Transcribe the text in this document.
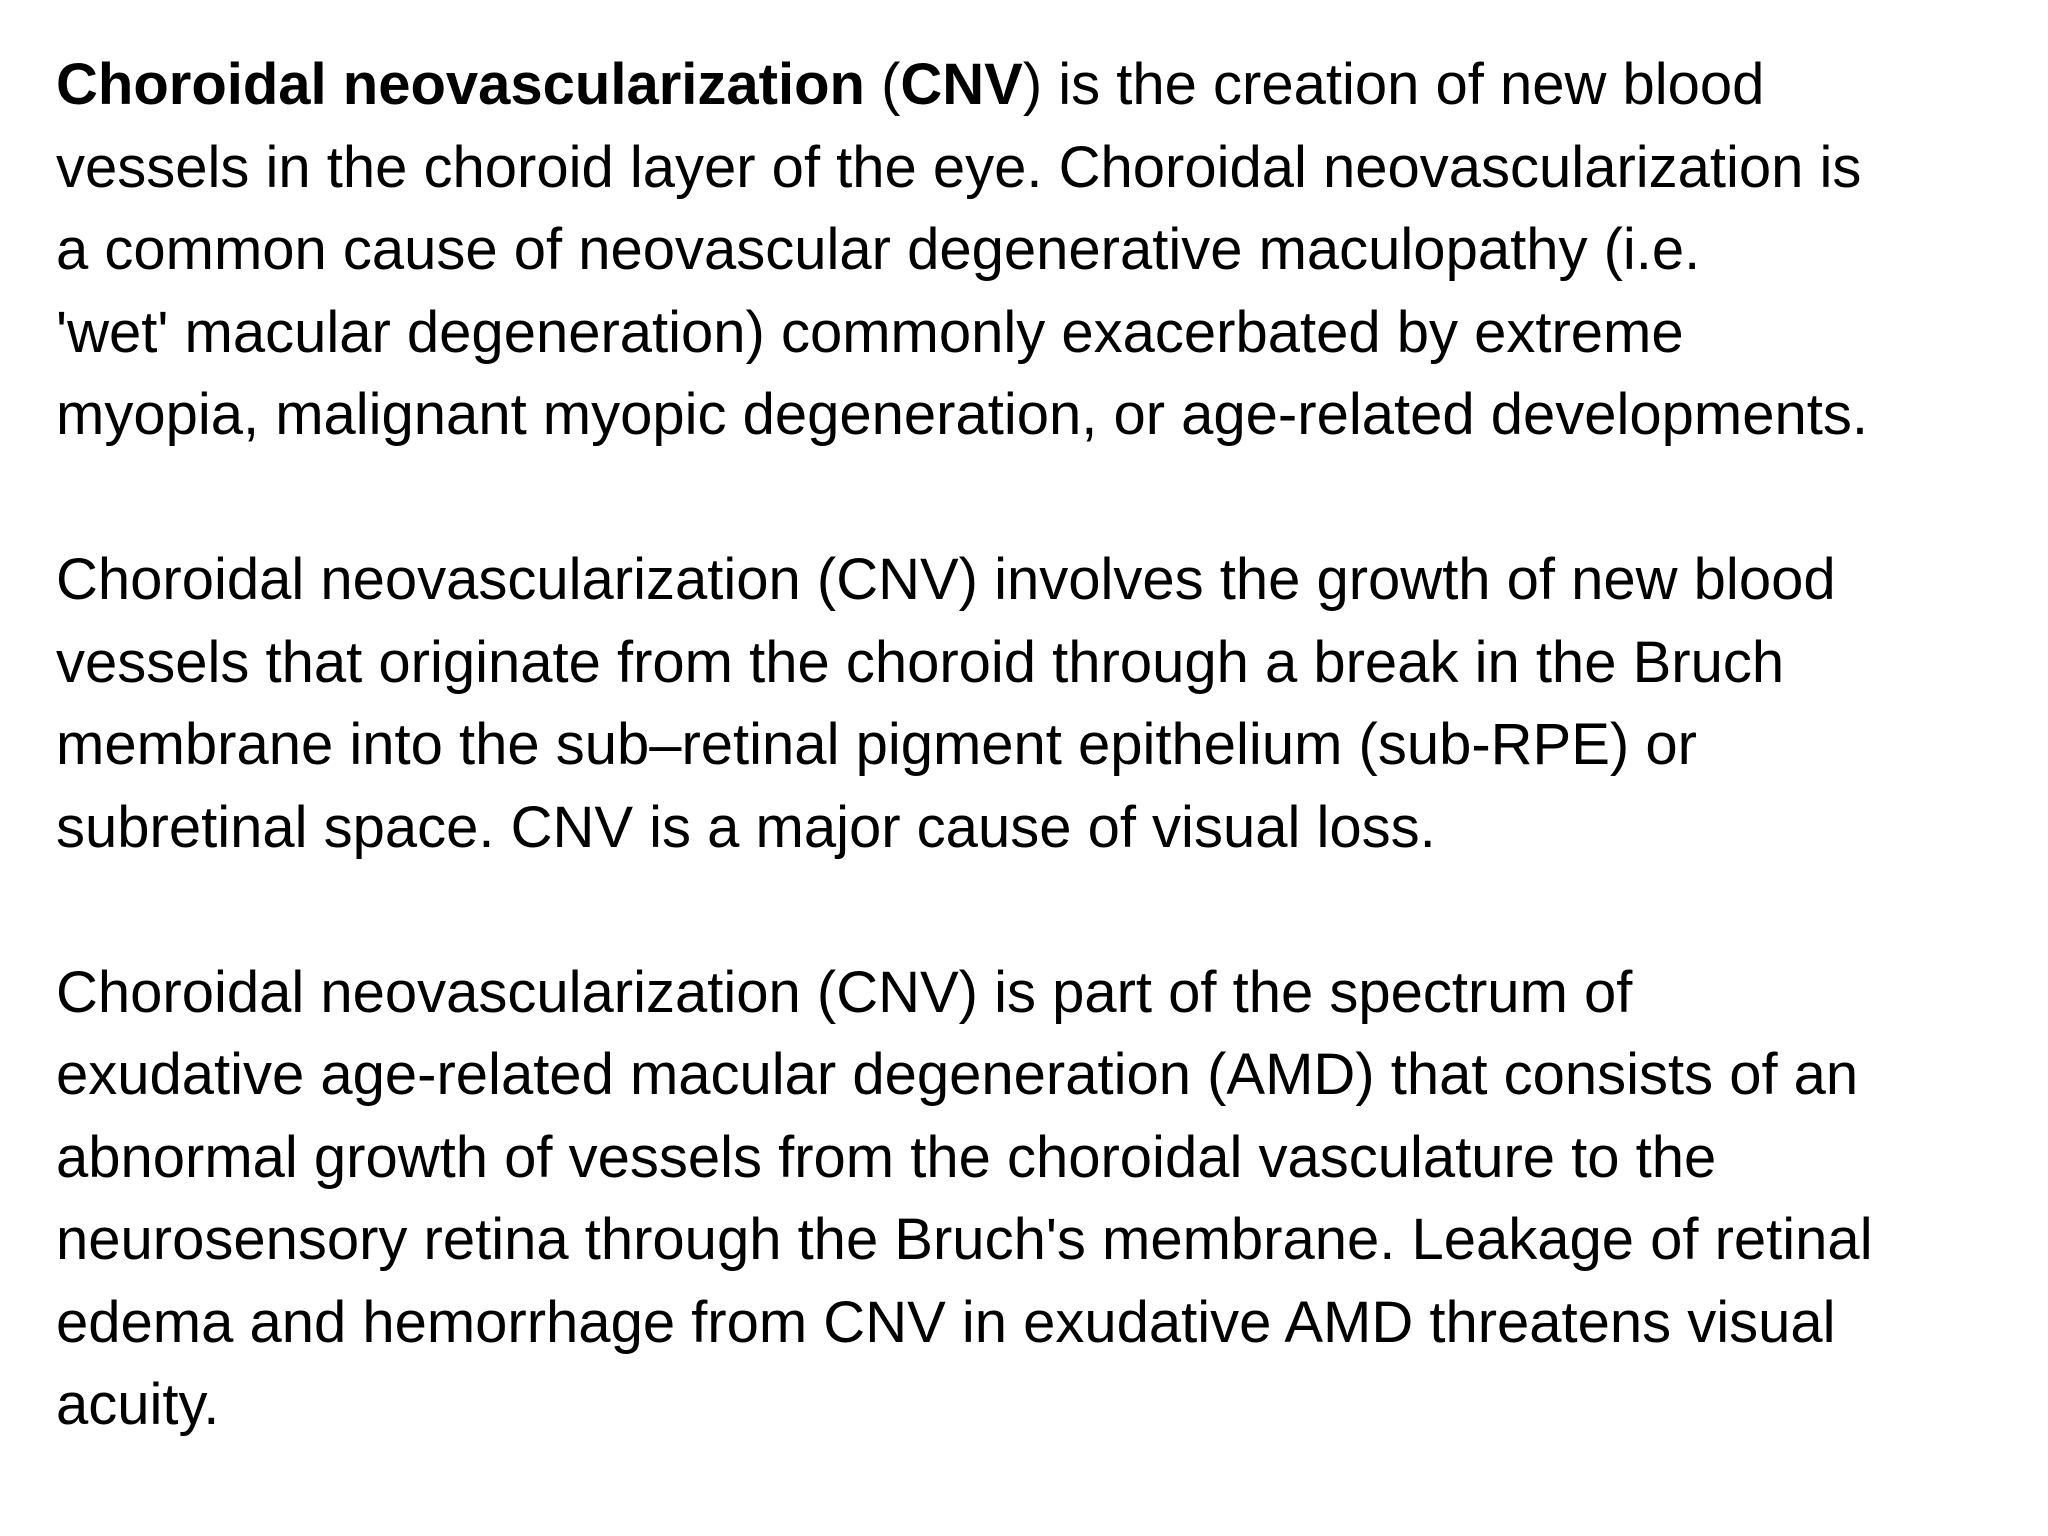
Choroidal neovascularization (CNV) is the creation of new blood
vessels in the choroid layer of the eye. Choroidal neovascularization is
a common cause of neovascular degenerative maculopathy (i.e.
'wet' macular degeneration) commonly exacerbated by extreme
myopia, malignant myopic degeneration, or age-related developments.
Choroidal neovascularization (CNV) involves the growth of new blood
vessels that originate from the choroid through a break in the Bruch
membrane into the sub–retinal pigment epithelium (sub-RPE) or
subretinal space. CNV is a major cause of visual loss.
Choroidal neovascularization (CNV) is part of the spectrum of
exudative age-related macular degeneration (AMD) that consists of an
abnormal growth of vessels from the choroidal vasculature to the
neurosensory retina through the Bruch's membrane. Leakage of retinal
edema and hemorrhage from CNV in exudative AMD threatens visual
acuity.
